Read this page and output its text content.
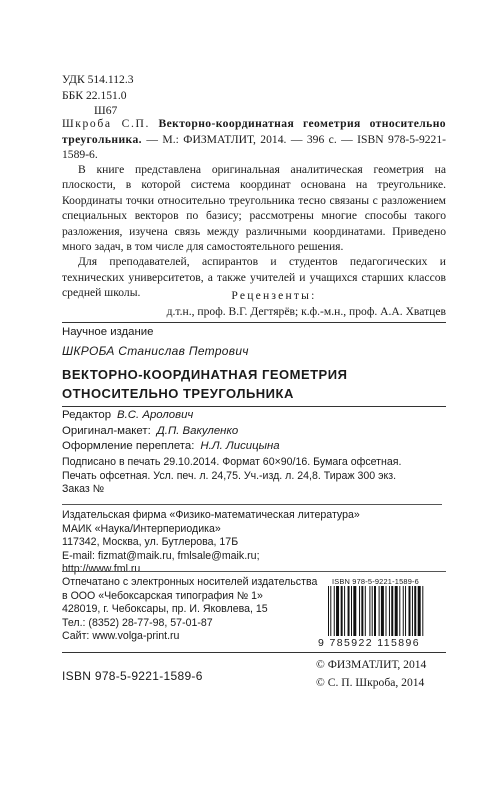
УДК 514.112.3
ББК 22.151.0
Ш67
Шкроба С.П. Векторно-координатная геометрия относительно треугольника. — М.: ФИЗМАТЛИТ, 2014. — 396 с. — ISBN 978-5-9221-1589-6.

В книге представлена оригинальная аналитическая геометрия на плоскости, в которой система координат основана на треугольнике. Координаты точки относительно треугольника тесно связаны с разложением специальных векторов по базису; рассмотрены многие способы такого разложения, изучена связь между различными координатами. Приведено много задач, в том числе для самостоятельного решения.

Для преподавателей, аспирантов и студентов педагогических и технических университетов, а также учителей и учащихся старших классов средней школы.	Рецензенты:
д.т.н., проф. В.Г. Дегтярёв; к.ф.-м.н., проф. А.А. Хватцев
Научное издание
ШКРОБА Станислав Петрович
ВЕКТОРНО-КООРДИНАТНАЯ ГЕОМЕТРИЯ
ОТНОСИТЕЛЬНО ТРЕУГОЛЬНИКА
Редактор В.С. Аролович
Оригинал-макет: Д.П. Вакуленко
Оформление переплета: Н.Л. Лисицына
Подписано в печать 29.10.2014. Формат 60×90/16. Бумага офсетная.
Печать офсетная. Усл. печ. л. 24,75. Уч.-изд. л. 24,8. Тираж 300 экз.
Заказ №
Издательская фирма «Физико-математическая литература»
МАИК «Наука/Интерпериодика»
117342, Москва, ул. Бутлерова, 17Б
E-mail: fizmat@maik.ru, fmlsale@maik.ru;
http://www.fml.ru
Отпечатано с электронных носителей издательства
в ООО «Чебоксарская типография № 1»
428019, г. Чебоксары, пр. И. Яковлева, 15
Тел.: (8352) 28-77-98, 57-01-87
Сайт: www.volga-print.ru
ISBN 978-5-9221-1589-6
9 785922 115896
ISBN 978-5-9221-1589-6
© ФИЗМАТЛИТ, 2014
© С. П. Шкроба, 2014
